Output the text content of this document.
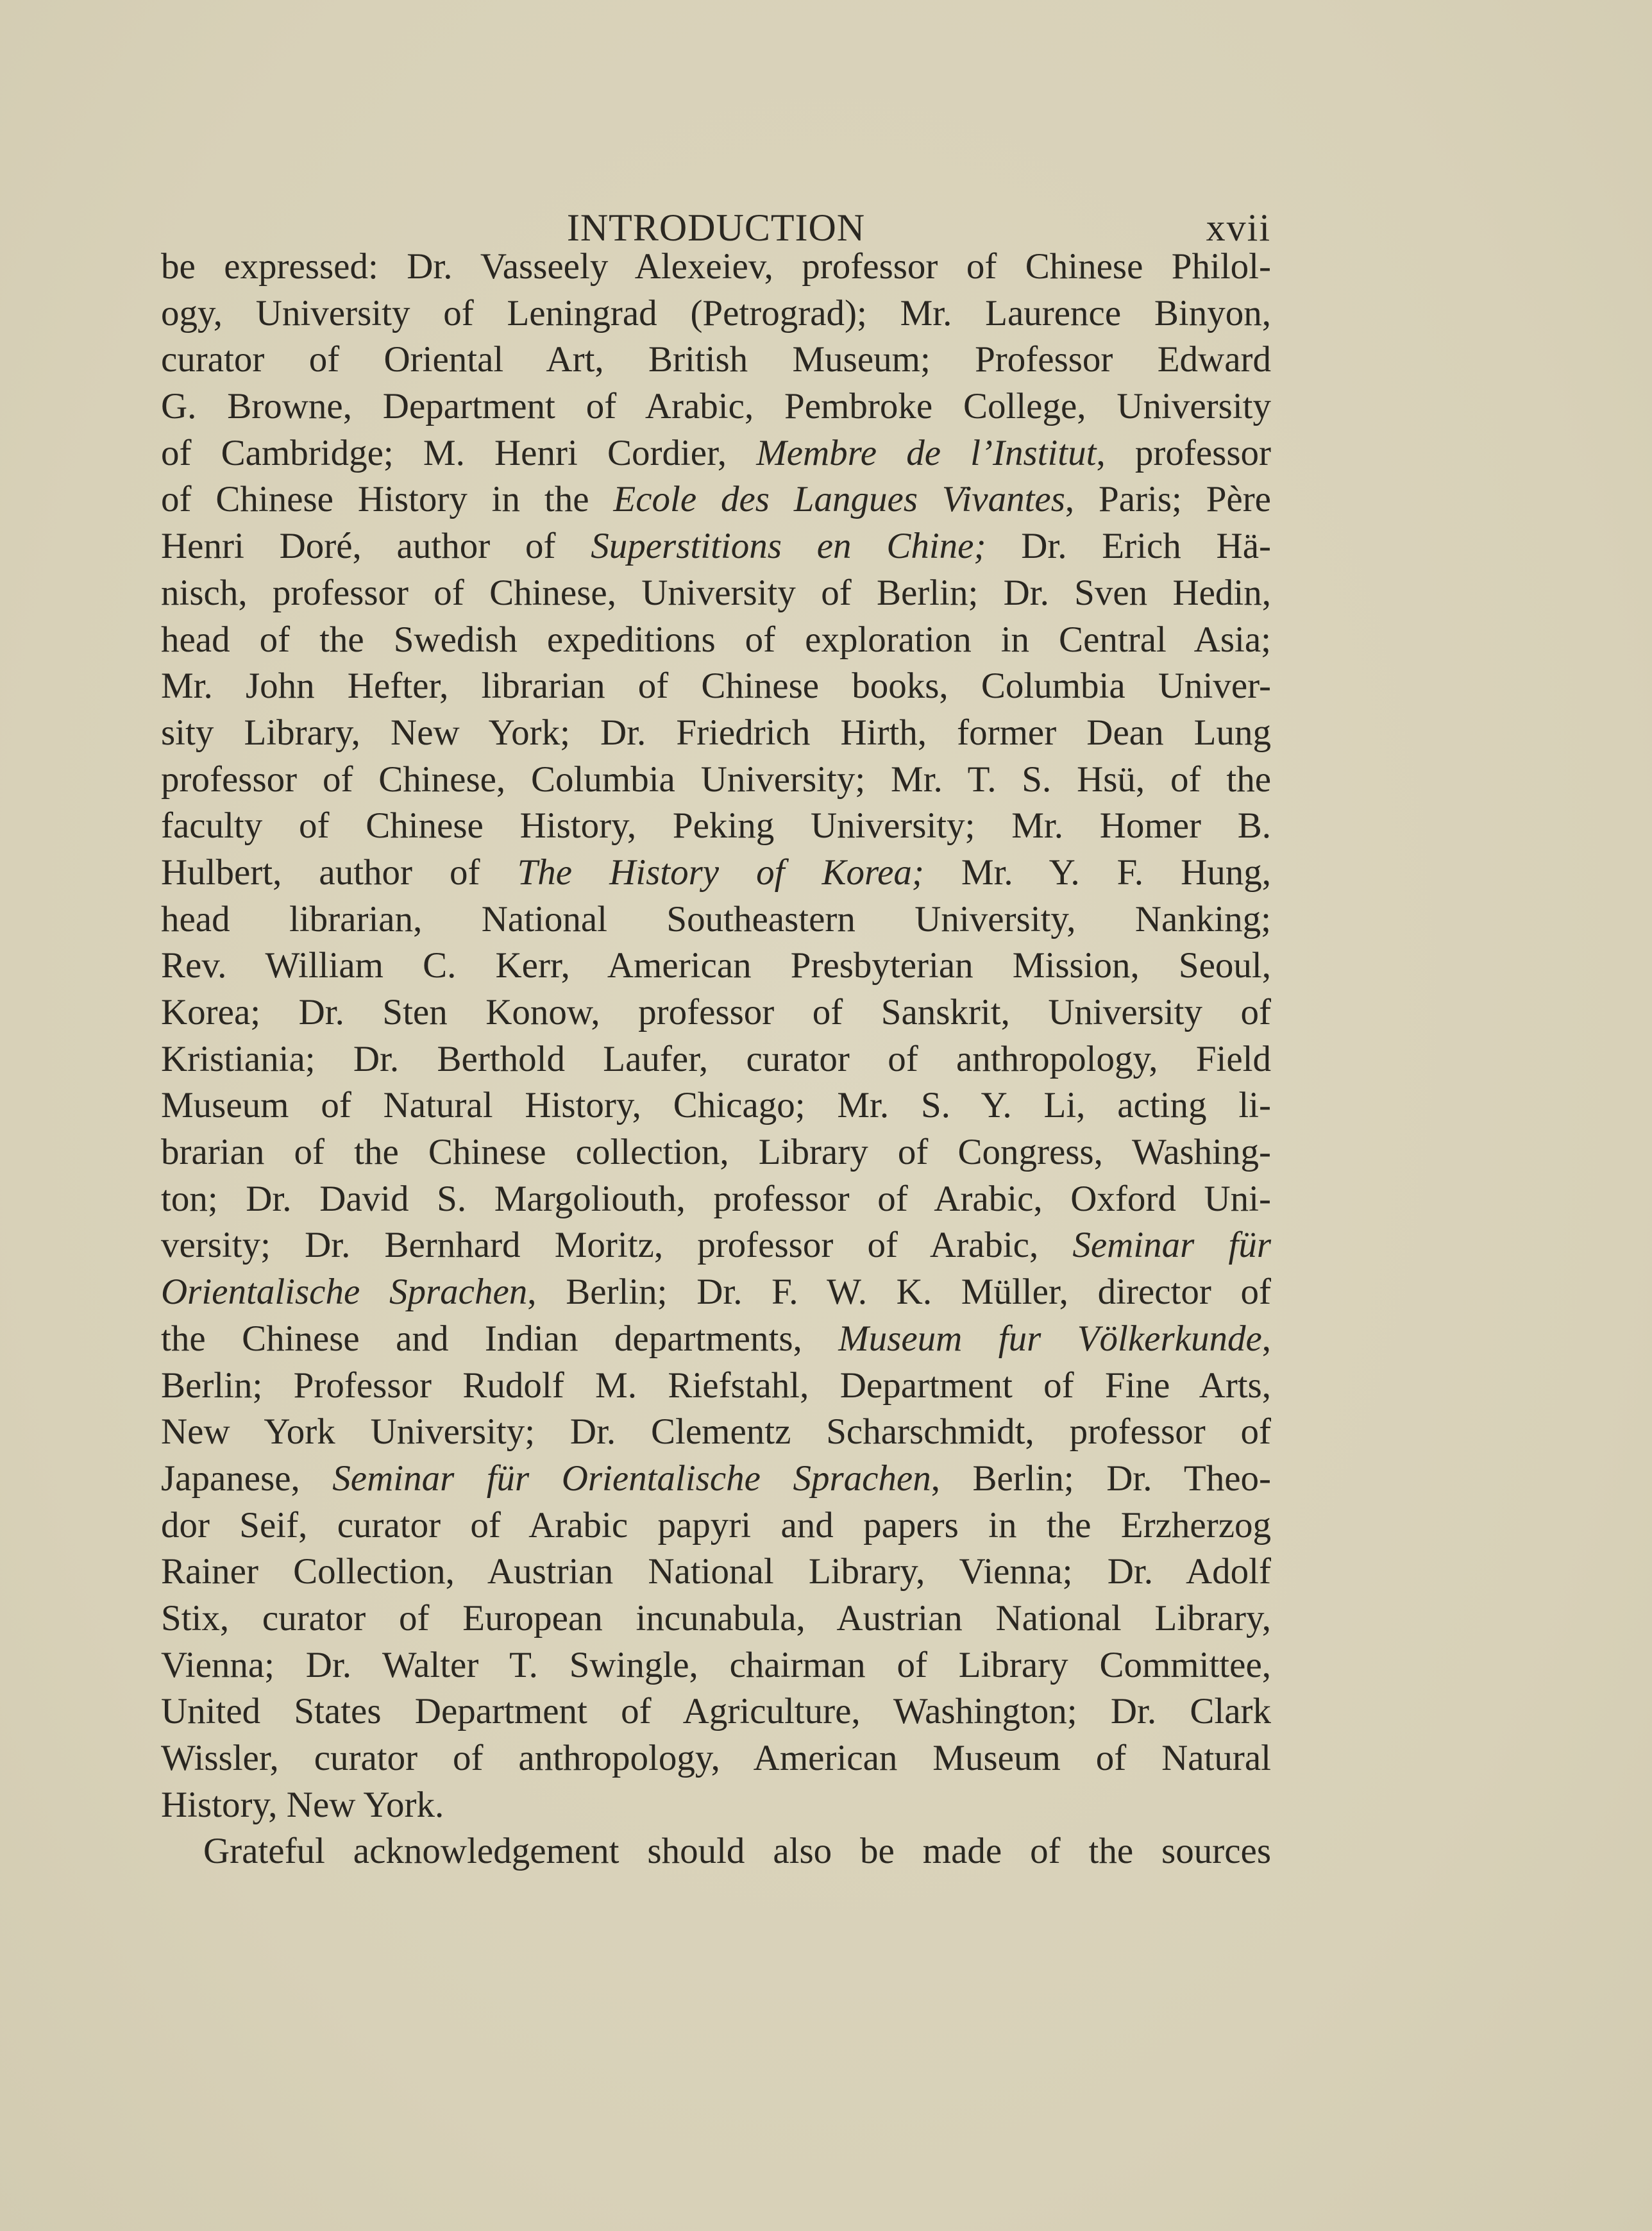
INTRODUCTION	xvii
be expressed: Dr. Vasseely Alexeiev, professor of Chinese Philol-
ogy, University of Leningrad (Petrograd); Mr. Laurence Binyon,
curator of Oriental Art, British Museum; Professor Edward
G. Browne, Department of Arabic, Pembroke College, University
of Cambridge; M. Henri Cordier, Membre de l’Institut, professor
of Chinese History in the Ecole des Langues Vivantes, Paris; Père
Henri Doré, author of Superstitions en Chine; Dr. Erich Hä-
nisch, professor of Chinese, University of Berlin; Dr. Sven Hedin,
head of the Swedish expeditions of exploration in Central Asia;
Mr. John Hefter, librarian of Chinese books, Columbia Univer-
sity Library, New York; Dr. Friedrich Hirth, former Dean Lung
professor of Chinese, Columbia University; Mr. T. S. Hsü, of the
faculty of Chinese History, Peking University; Mr. Homer B.
Hulbert, author of The History of Korea; Mr. Y. F. Hung,
head librarian, National Southeastern University, Nanking;
Rev. William C. Kerr, American Presbyterian Mission, Seoul,
Korea; Dr. Sten Konow, professor of Sanskrit, University of
Kristiania; Dr. Berthold Laufer, curator of anthropology, Field
Museum of Natural History, Chicago; Mr. S. Y. Li, acting li-
brarian of the Chinese collection, Library of Congress, Washing-
ton; Dr. David S. Margoliouth, professor of Arabic, Oxford Uni-
versity; Dr. Bernhard Moritz, professor of Arabic, Seminar für
Orientalische Sprachen, Berlin; Dr. F. W. K. Müller, director of
the Chinese and Indian departments, Museum fur Völkerkunde,
Berlin; Professor Rudolf M. Riefstahl, Department of Fine Arts,
New York University; Dr. Clementz Scharschmidt, professor of
Japanese, Seminar für Orientalische Sprachen, Berlin; Dr. Theo-
dor Seif, curator of Arabic papyri and papers in the Erzherzog
Rainer Collection, Austrian National Library, Vienna; Dr. Adolf
Stix, curator of European incunabula, Austrian National Library,
Vienna; Dr. Walter T. Swingle, chairman of Library Committee,
United States Department of Agriculture, Washington; Dr. Clark
Wissler, curator of anthropology, American Museum of Natural
History, New York.
Grateful acknowledgement should also be made of the sources
